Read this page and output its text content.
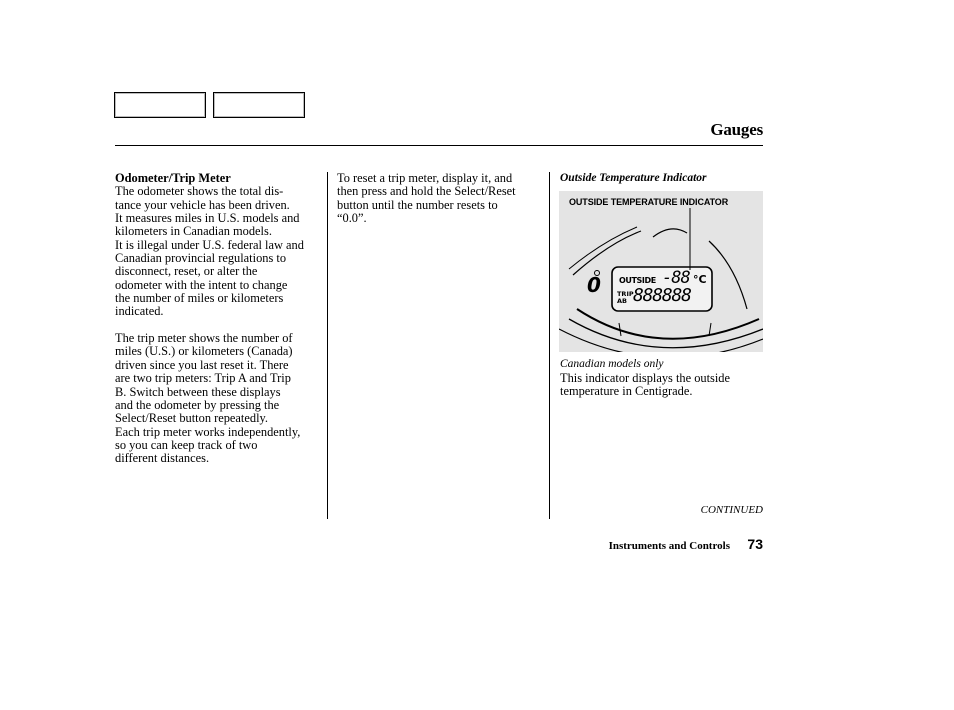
Gauges

Odometer/Trip Meter

The odometer shows the total dis-
tance your vehicle has been driven.
It measures miles in U.S. models and
kilometers in Canadian models.

It is illegal under U.S. federal law and
Canadian provincial regulations to
disconnect, reset, or alter the
odometer with the intent to change
the number of miles or kilometers
indicated.

The trip meter shows the number of
miles (U.S.) or kilometers (Canada)
driven since you last reset it. There
are two trip meters: Trip A and Trip
B. Switch between these displays
and the odometer by pressing the
Select/Reset button repeatedly.
Each trip meter works independently,
so you can keep track of two
different distances.

To reset a trip meter, display it, and
then press and hold the Select/Reset
button until the number resets to
“0.0”.

Outside Temperature Indicator
OUTSIDE TEMPERATURE INDICATOR
0 OUTSIDE -88 °C
TRIP
AB 888888
Canadian models only

This indicator displays the outside
temperature in Centigrade.

CONTINUED
Instruments and Controls 73
